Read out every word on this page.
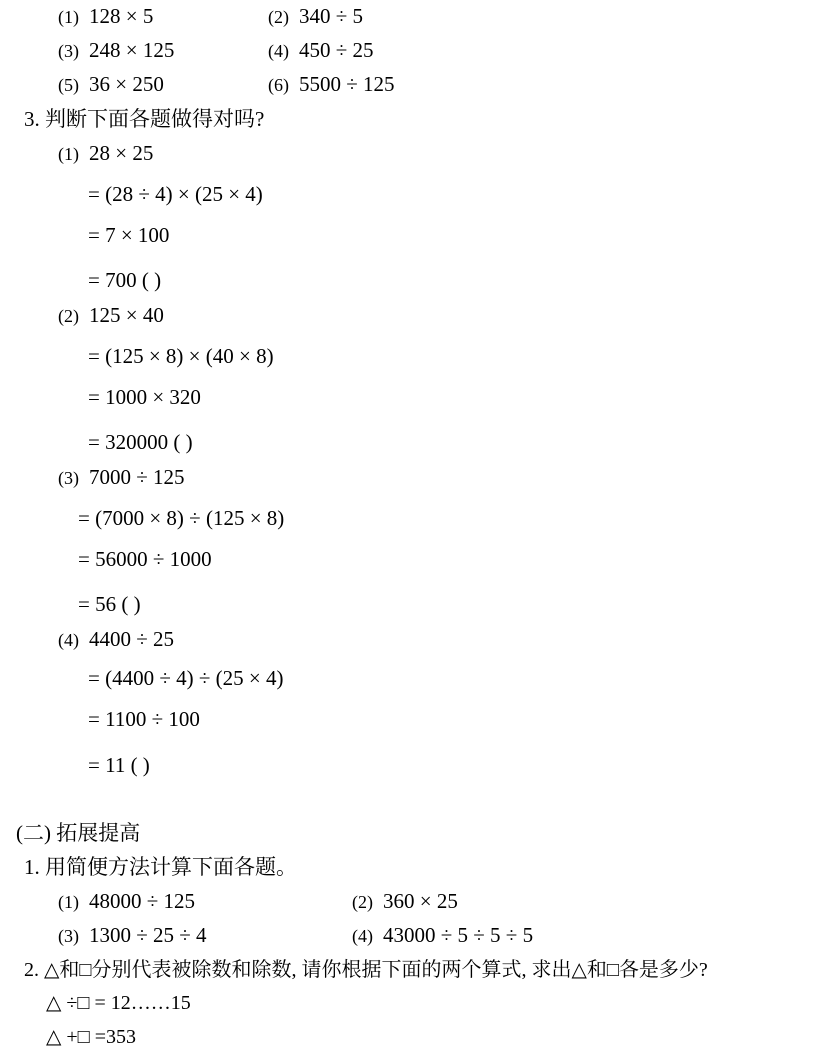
(1) 128 × 5	(2) 340 ÷ 5
(3) 248 × 125	(4) 450 ÷ 25
(5) 36 × 250	(6) 5500 ÷ 125
3. 判断下面各题做得对吗?
(1) 28 × 25
= (28 ÷ 4) × (25 × 4)
= 7 × 100
= 700 ( )
(2) 125 × 40
= (125 × 8) × (40 × 8)
= 1000 × 320
= 320000 ( )
(3) 7000 ÷ 125
= (7000 × 8) ÷ (125 × 8)
= 56000 ÷ 1000
= 56 ( )
(4) 4400 ÷ 25
= (4400 ÷ 4) ÷ (25 × 4)
= 1100 ÷ 100
= 11 ( )
(二) 拓展提高
1. 用简便方法计算下面各题。
(1) 48000 ÷ 125	(2) 360 × 25
(3) 1300 ÷ 25 ÷ 4	(4) 43000 ÷ 5 ÷ 5 ÷ 5
2. △和□分别代表被除数和除数, 请你根据下面的两个算式, 求出△和□各是多少?
△ ÷□ = 12……15
△ +□ =353
